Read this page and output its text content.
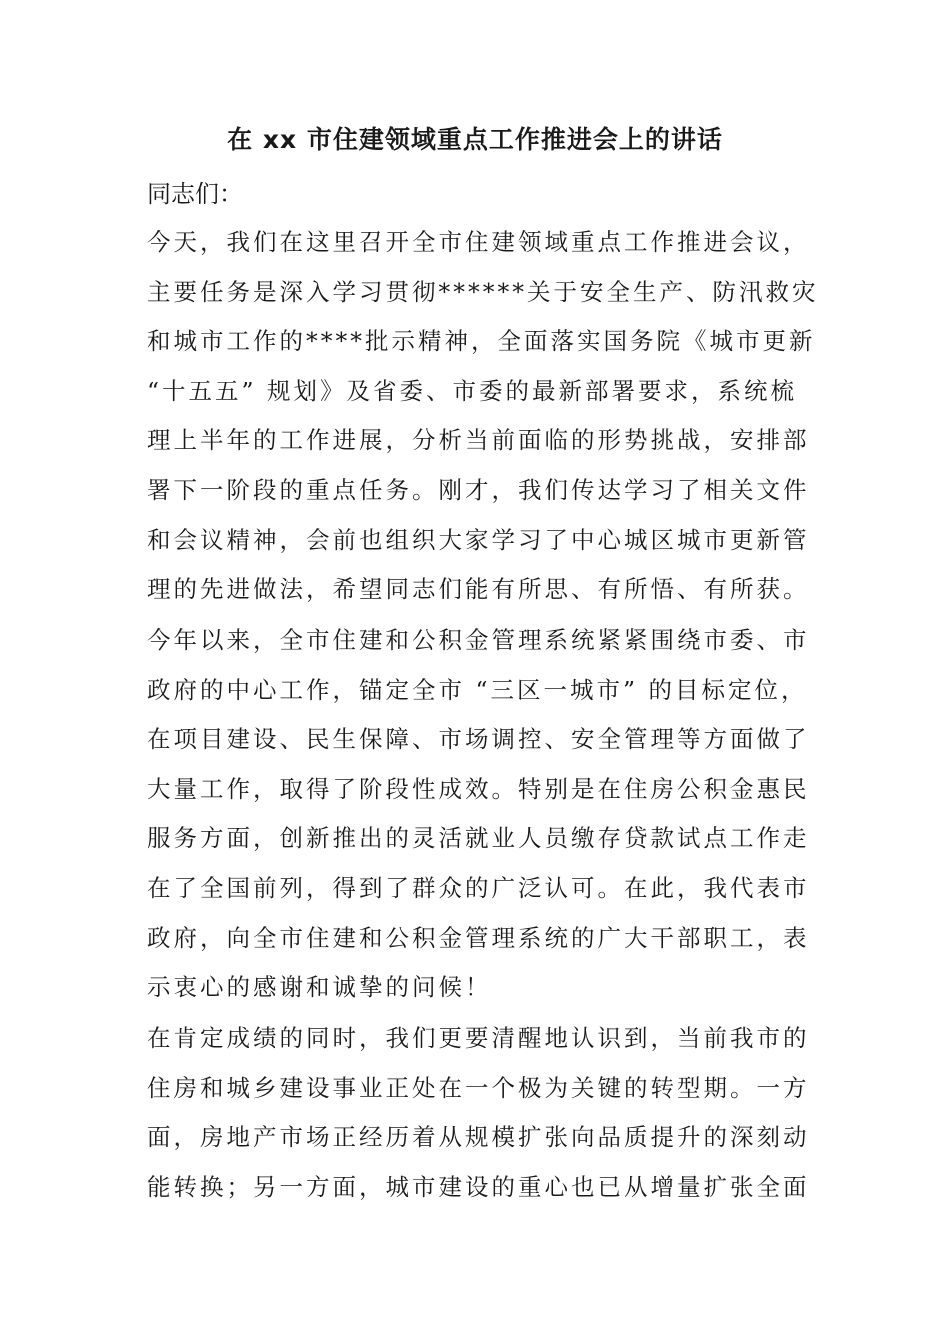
在 xx 市住建领域重点工作推进会上的讲话

同志们：

今天，我们在这里召开全市住建领域重点工作推进会议，
主要任务是深入学习贯彻******关于安全生产、防汛救灾
和城市工作的****批示精神，全面落实国务院《城市更新
“十五五” 规划》及省委、市委的最新部署要求，系统梳
理上半年的工作进展，分析当前面临的形势挑战，安排部
署下一阶段的重点任务。刚才，我们传达学习了相关文件
和会议精神，会前也组织大家学习了中心城区城市更新管
理的先进做法，希望同志们能有所思、有所悟、有所获。

今年以来，全市住建和公积金管理系统紧紧围绕市委、市
政府的中心工作，锚定全市 “三区一城市” 的目标定位，
在项目建设、民生保障、市场调控、安全管理等方面做了
大量工作，取得了阶段性成效。特别是在住房公积金惠民
服务方面，创新推出的灵活就业人员缴存贷款试点工作走
在了全国前列，得到了群众的广泛认可。在此，我代表市
政府，向全市住建和公积金管理系统的广大干部职工，表
示衷心的感谢和诚挚的问候！

在肯定成绩的同时，我们更要清醒地认识到，当前我市的
住房和城乡建设事业正处在一个极为关键的转型期。一方
面，房地产市场正经历着从规模扩张向品质提升的深刻动
能转换；另一方面，城市建设的重心也已从增量扩张全面
